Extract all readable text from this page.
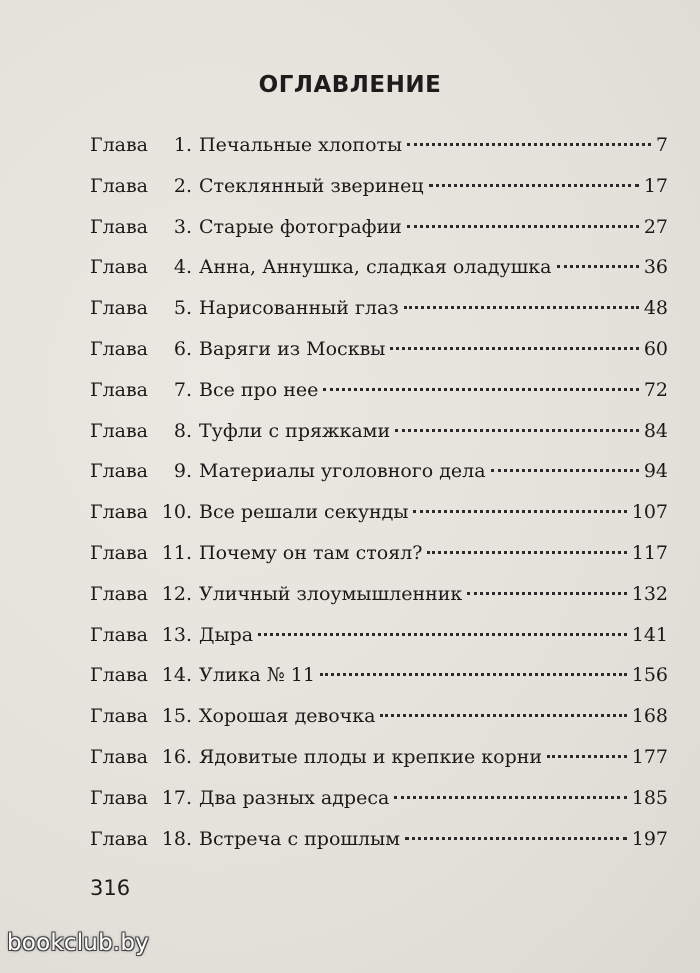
ОГЛАВЛЕНИЕ
Глава	1. Печальные хлопоты	7
Глава	2. Стеклянный зверинец	17
Глава	3. Старые фотографии	27
Глава	4. Анна, Аннушка, сладкая оладушка	36
Глава	5. Нарисованный глаз	48
Глава	6. Варяги из Москвы	60
Глава	7. Все про нее	72
Глава	8. Туфли с пряжками	84
Глава	9. Материалы уголовного дела	94
Глава 10. Все решали секунды	107
Глава 11. Почему он там стоял?	117
Глава 12. Уличный злоумышленник	132
Глава 13. Дыра	141
Глава 14. Улика № 11	156
Глава 15. Хорошая девочка	168
Глава 16. Ядовитые плоды и крепкие корни	177
Глава 17. Два разных адреса	185
Глава 18. Встреча с прошлым	197
316
bookclub.by
